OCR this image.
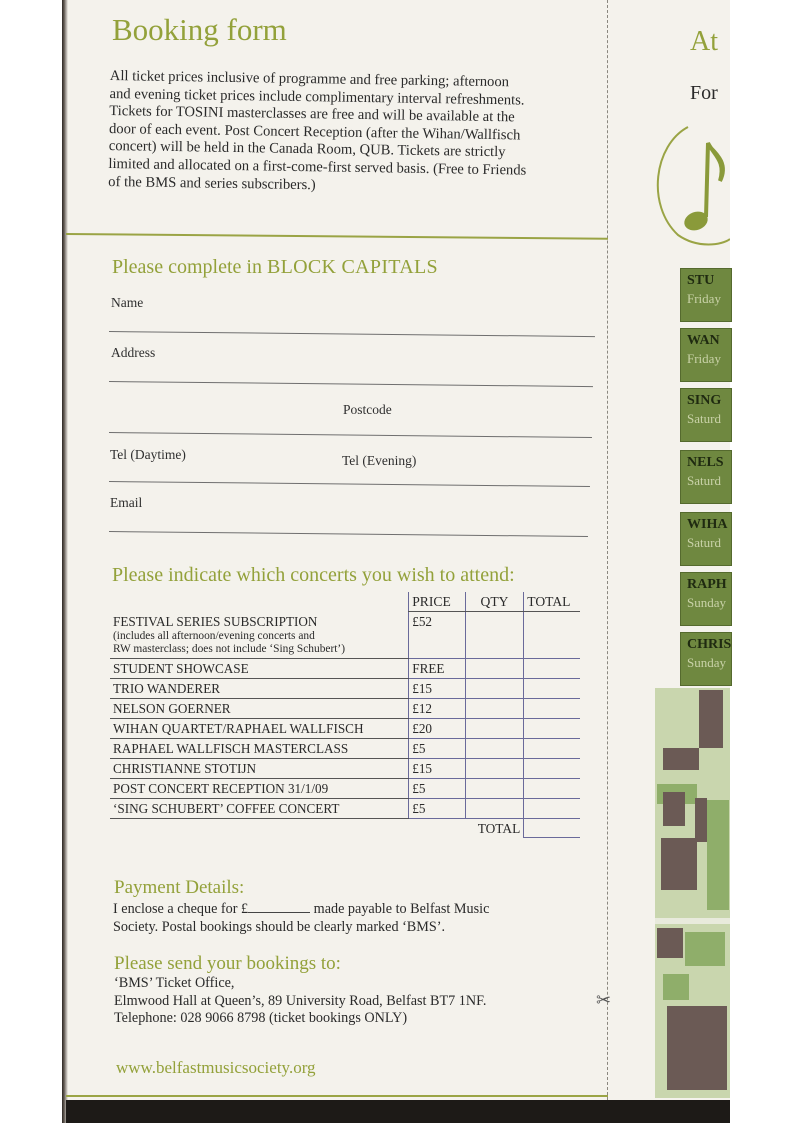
Booking form
All ticket prices inclusive of programme and free parking; afternoon
and evening ticket prices include complimentary interval refreshments.
Tickets for TOSINI masterclasses are free and will be available at the
door of each event. Post Concert Reception (after the Wihan/Wallfisch
concert) will be held in the Canada Room, QUB. Tickets are strictly
limited and allocated on a first-come-first served basis. (Free to Friends
of the BMS and series subscribers.)
Please complete in BLOCK CAPITALS
Name
Address
Postcode
Tel (Daytime)	Tel (Evening)
Email
Please indicate which concerts you wish to attend:
	PRICE	QTY	TOTAL

FESTIVAL SERIES SUBSCRIPTION
(includes all afternoon/evening concerts and
RW masterclass; does not include ‘Sing Schubert’)	£52		
STUDENT SHOWCASE	FREE		
TRIO WANDERER	£15		
NELSON GOERNER	£12		
WIHAN QUARTET/RAPHAEL WALLFISCH	£20		
RAPHAEL WALLFISCH MASTERCLASS	£5		
CHRISTIANNE STOTIJN	£15		
POST CONCERT RECEPTION 31/1/09	£5		
‘SING SCHUBERT’ COFFEE CONCERT	£5		
		TOTAL	
Payment Details:
I enclose a cheque for £	made payable to Belfast Music
Society. Postal bookings should be clearly marked ‘BMS’.
Please send your bookings to:
‘BMS’ Ticket Office,
Elmwood Hall at Queen’s, 89 University Road, Belfast BT7 1NF.
Telephone: 028 9066 8798 (ticket bookings ONLY)
www.belfastmusicsociety.org
✂
At
For
STU
Friday
WAN
Friday
SING
Saturd
NELS
Saturd
WIHA
Saturd
RAPH
Sunday
CHRIS
Sunday
